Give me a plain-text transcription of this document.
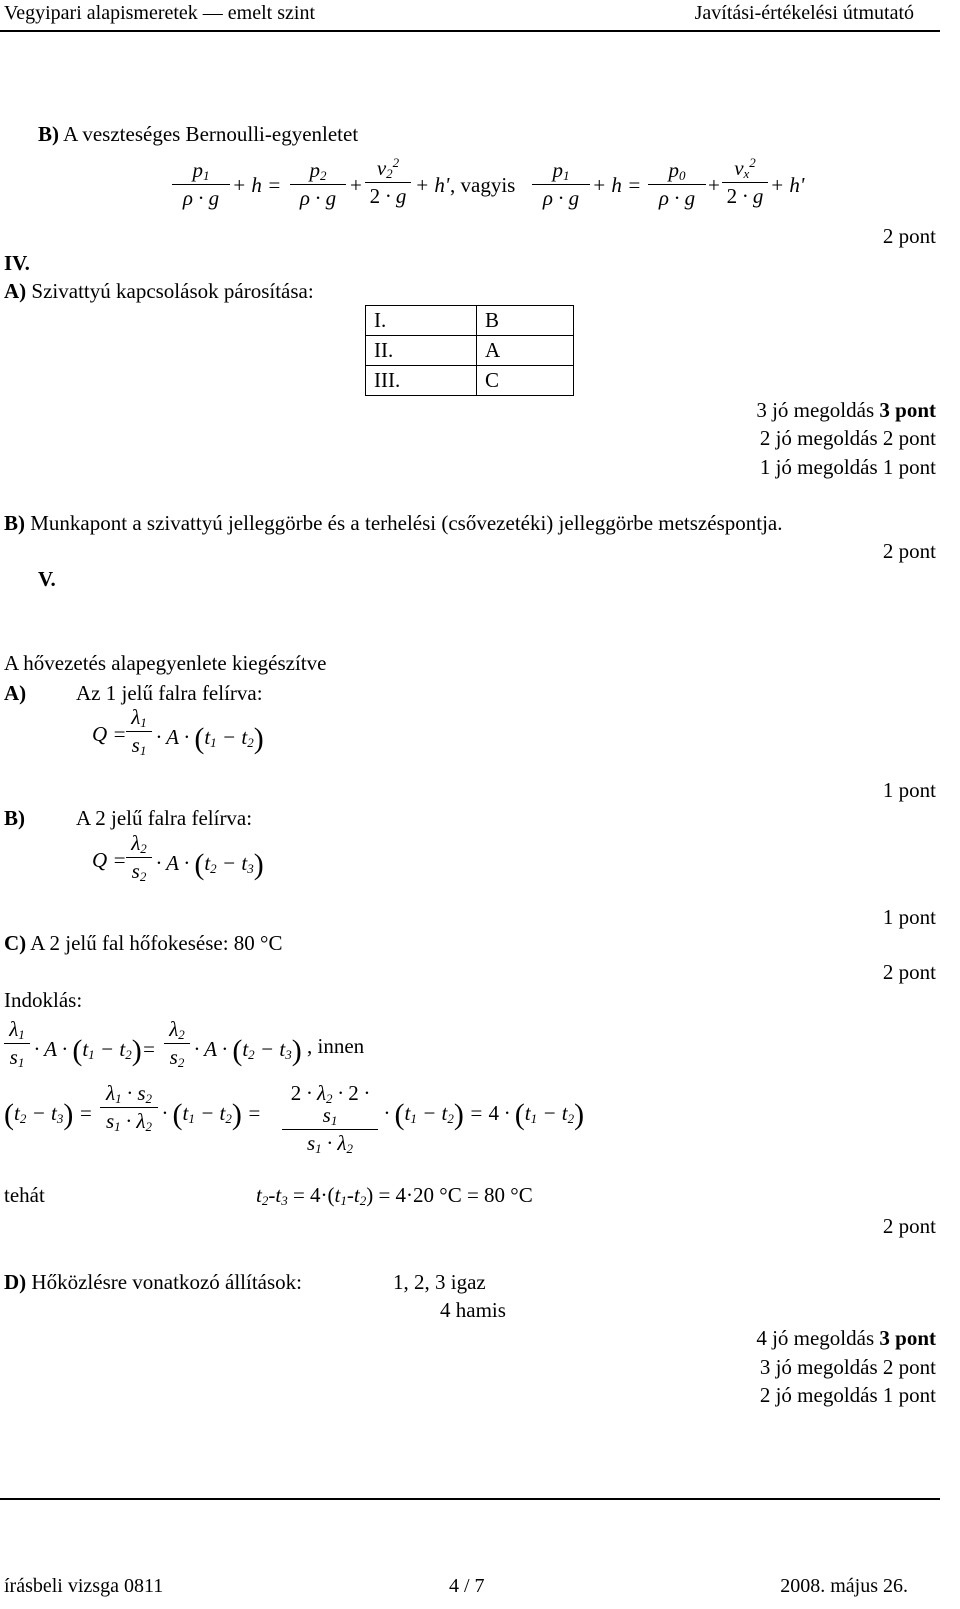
Vegyipari alapismeretek — emelt szint	Javítási-értékelési útmutató
B) A veszteséges Bernoulli-egyenletet
$p_1$
ρ · g
+ h =
$p_2$
ρ · g
+
$v_2^2$
2 · g + h' , vagyis
$p_1$
ρ · g
+ h =
$p_0$
ρ · g
+
$v_x^2$
2 · g + h'
2 pont
IV.
A) Szivattyú kapcsolások párosítása:
I.	B
II.	A
III.	C
3 jó megoldás 3 pont
2 jó megoldás 2 pont
1 jó megoldás 1 pont
B) Munkapont a szivattyú jelleggörbe és a terhelési (csővezetéki) jelleggörbe metszéspontja.
2 pont
V.
A hővezetés alapegyenlete kiegészítve
A) Az 1 jelű falra felírva:
Q =
$\lambda_1$
$s_1$
· $A \cdot (t_1 - t_2)$
1 pont
B) A 2 jelű falra felírva:
Q =
$\lambda_2$
$s_2$
· $A \cdot (t_2 - t_3)$
1 pont
C) A 2 jelű fal hőfokesése: 80 °C
2 pont
Indoklás:
$\lambda_1$
$s_1$
· $A \cdot (t_1 - t_2)=$
$\lambda_2$
$s_2$
· $A \cdot (t_2 - t_3)$ , innen
$(t_2 - t_3)$ =
$\lambda_1 \cdot s_2$
$s_1 \cdot \lambda_2$
· $(t_1 - t_2)$ =
$2 \cdot \lambda_2 \cdot 2 \cdot s_1$
$s_1 \cdot \lambda_2$
· $(t_1 - t_2) = 4 \cdot (t_1 - t_2)$
tehát	$t_2-t_3 = 4\cdot(t_1-t_2) = 4\cdot 20$ °C = 80 °C
2 pont
D) Hőközlésre vonatkozó állítások:	1, 2, 3 igaz
4 hamis
4 jó megoldás 3 pont
3 jó megoldás 2 pont
2 jó megoldás 1 pont
írásbeli vizsga 0811	4 / 7	2008. május 26.
